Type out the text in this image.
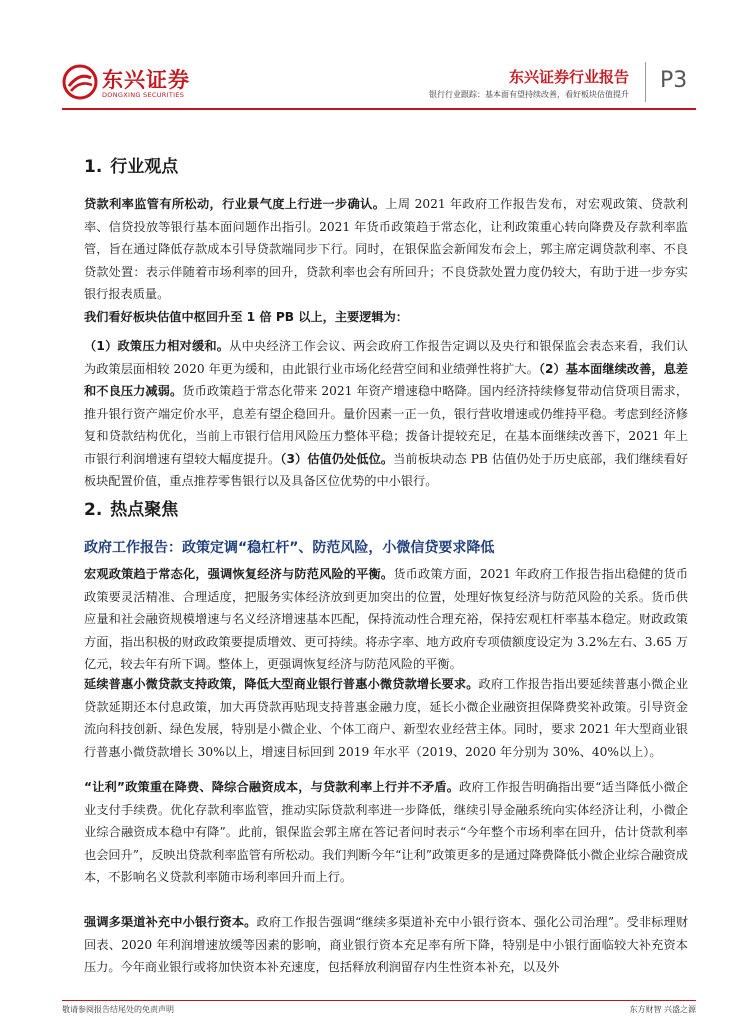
东兴证券
DONGXING SECURITIES
东兴证券行业报告
银行行业跟踪：基本面有望持续改善，看好板块估值提升
P3
1. 行业观点
贷款利率监管有所松动，行业景气度上行进一步确认。上周 2021 年政府工作报告发布，对宏观政策、贷款利率、信贷投放等银行基本面问题作出指引。2021 年货币政策趋于常态化，让利政策重心转向降费及存款利率监管，旨在通过降低存款成本引导贷款端同步下行。同时，在银保监会新闻发布会上，郭主席定调贷款利率、不良贷款处置：表示伴随着市场利率的回升，贷款利率也会有所回升；不良贷款处置力度仍较大，有助于进一步夯实银行报表质量。
我们看好板块估值中枢回升至 1 倍 PB 以上，主要逻辑为：
（1）政策压力相对缓和。从中央经济工作会议、两会政府工作报告定调以及央行和银保监会表态来看，我们认为政策层面相较 2020 年更为缓和，由此银行业市场化经营空间和业绩弹性将扩大。（2）基本面继续改善，息差和不良压力减弱。货币政策趋于常态化带来 2021 年资产增速稳中略降。国内经济持续修复带动信贷项目需求，推升银行资产端定价水平，息差有望企稳回升。量价因素一正一负，银行营收增速或仍维持平稳。考虑到经济修复和贷款结构优化，当前上市银行信用风险压力整体平稳；拨备计提较充足，在基本面继续改善下，2021 年上市银行利润增速有望较大幅度提升。（3）估值仍处低位。当前板块动态 PB 估值仍处于历史底部，我们继续看好板块配置价值，重点推荐零售银行以及具备区位优势的中小银行。
2. 热点聚焦
政府工作报告：政策定调“稳杠杆”、防范风险，小微信贷要求降低
宏观政策趋于常态化，强调恢复经济与防范风险的平衡。货币政策方面，2021 年政府工作报告指出稳健的货币政策要灵活精准、合理适度，把服务实体经济放到更加突出的位置，处理好恢复经济与防范风险的关系。货币供应量和社会融资规模增速与名义经济增速基本匹配，保持流动性合理充裕，保持宏观杠杆率基本稳定。财政政策方面，指出积极的财政政策要提质增效、更可持续。将赤字率、地方政府专项债额度设定为 3.2%左右、3.65 万亿元，较去年有所下调。整体上，更强调恢复经济与防范风险的平衡。
延续普惠小微贷款支持政策，降低大型商业银行普惠小微贷款增长要求。政府工作报告指出要延续普惠小微企业贷款延期还本付息政策，加大再贷款再贴现支持普惠金融力度，延长小微企业融资担保降费奖补政策。引导资金流向科技创新、绿色发展，特别是小微企业、个体工商户、新型农业经营主体。同时，要求 2021 年大型商业银行普惠小微贷款增长 30%以上，增速目标回到 2019 年水平（2019、2020 年分别为 30%、40%以上）。
“让利”政策重在降费、降综合融资成本，与贷款利率上行并不矛盾。政府工作报告明确指出要“适当降低小微企业支付手续费。优化存款利率监管，推动实际贷款利率进一步降低，继续引导金融系统向实体经济让利，小微企业综合融资成本稳中有降”。此前，银保监会郭主席在答记者问时表示“今年整个市场利率在回升，估计贷款利率也会回升”，反映出贷款利率监管有所松动。我们判断今年“让利”政策更多的是通过降费降低小微企业综合融资成本，不影响名义贷款利率随市场利率回升而上行。
强调多渠道补充中小银行资本。政府工作报告强调“继续多渠道补充中小银行资本、强化公司治理”。受非标理财回表、2020 年利润增速放缓等因素的影响，商业银行资本充足率有所下降，特别是中小银行面临较大补充资本压力。今年商业银行或将加快资本补充速度，包括释放利润留存内生性资本补充，以及外
敬请参阅报告结尾处的免责声明	东方财智 兴盛之源
